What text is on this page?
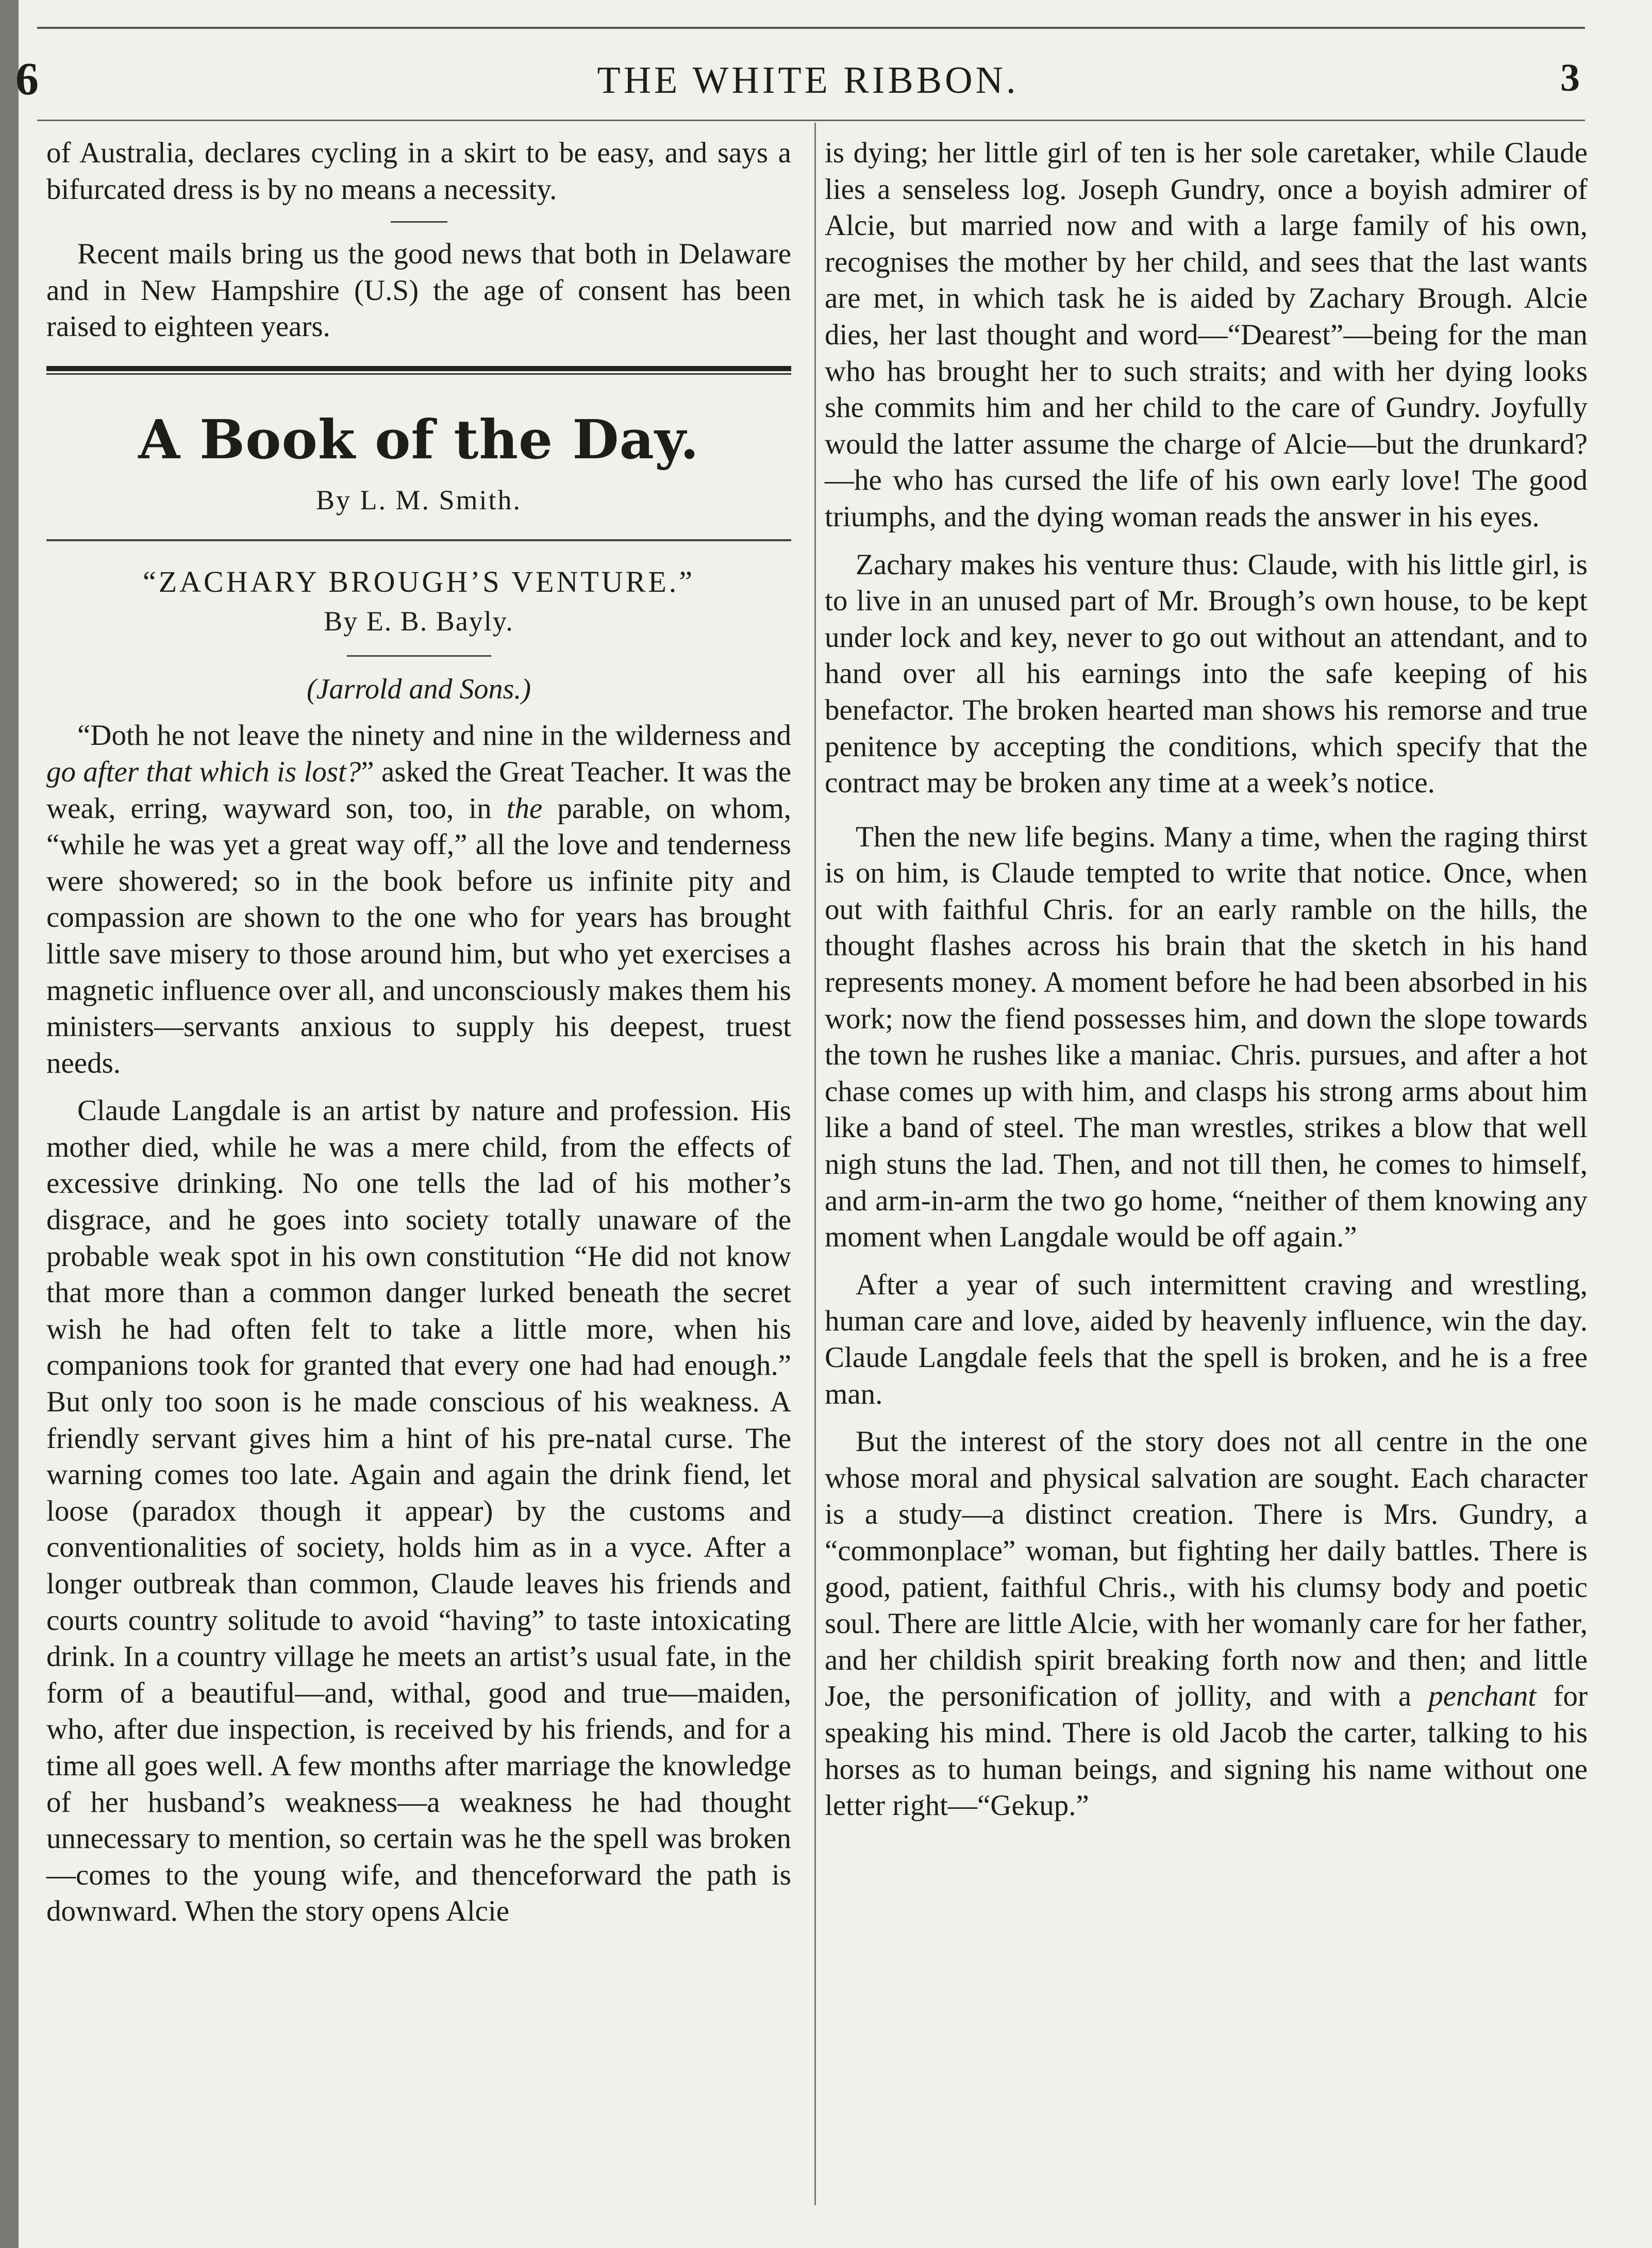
6	THE WHITE RIBBON.	3

of Australia, declares cycling in a skirt to be easy, and says a bifurcated dress is by no means a necessity.

Recent mails bring us the good news that both in Delaware and in New Hampshire (U.S) the age of consent has been raised to eighteen years.

A Book of the Day.

By L. M. Smith.

“ZACHARY BROUGH’S VENTURE.”

By E. B. Bayly.

(Jarrold and Sons.)

“Doth he not leave the ninety and nine in the wilderness and go after that which is lost?” asked the Great Teacher. It was the weak, erring, wayward son, too, in the parable, on whom, “while he was yet a great way off,” all the love and tenderness were showered; so in the book before us infinite pity and compassion are shown to the one who for years has brought little save misery to those around him, but who yet exercises a magnetic influence over all, and unconsciously makes them his ministers—servants anxious to supply his deepest, truest needs.

Claude Langdale is an artist by nature and profession. His mother died, while he was a mere child, from the effects of excessive drinking. No one tells the lad of his mother’s disgrace, and he goes into society totally unaware of the probable weak spot in his own constitution “He did not know that more than a common danger lurked beneath the secret wish he had often felt to take a little more, when his companions took for granted that every one had had enough.” But only too soon is he made conscious of his weakness. A friendly servant gives him a hint of his pre-natal curse. The warning comes too late. Again and again the drink fiend, let loose (paradox though it appear) by the customs and conventionalities of society, holds him as in a vyce. After a longer outbreak than common, Claude leaves his friends and courts country solitude to avoid “having” to taste intoxicating drink. In a country village he meets an artist’s usual fate, in the form of a beautiful—and, withal, good and true—maiden, who, after due inspection, is received by his friends, and for a time all goes well. A few months after marriage the knowledge of her husband’s weakness—a weakness he had thought unnecessary to mention, so certain was he the spell was broken—comes to the young wife, and thenceforward the path is downward. When the story opens Alcie

is dying; her little girl of ten is her sole caretaker, while Claude lies a senseless log. Joseph Gundry, once a boyish admirer of Alcie, but married now and with a large family of his own, recognises the mother by her child, and sees that the last wants are met, in which task he is aided by Zachary Brough. Alcie dies, her last thought and word—“Dearest”—being for the man who has brought her to such straits; and with her dying looks she commits him and her child to the care of Gundry. Joyfully would the latter assume the charge of Alcie—but the drunkard?—he who has cursed the life of his own early love! The good triumphs, and the dying woman reads the answer in his eyes.

Zachary makes his venture thus: Claude, with his little girl, is to live in an unused part of Mr. Brough’s own house, to be kept under lock and key, never to go out without an attendant, and to hand over all his earnings into the safe keeping of his benefactor. The broken hearted man shows his remorse and true penitence by accepting the conditions, which specify that the contract may be broken any time at a week’s notice.

Then the new life begins. Many a time, when the raging thirst is on him, is Claude tempted to write that notice. Once, when out with faithful Chris. for an early ramble on the hills, the thought flashes across his brain that the sketch in his hand represents money. A moment before he had been absorbed in his work; now the fiend possesses him, and down the slope towards the town he rushes like a maniac. Chris. pursues, and after a hot chase comes up with him, and clasps his strong arms about him like a band of steel. The man wrestles, strikes a blow that well nigh stuns the lad. Then, and not till then, he comes to himself, and arm-in-arm the two go home, “neither of them knowing any moment when Langdale would be off again.”

After a year of such intermittent craving and wrestling, human care and love, aided by heavenly influence, win the day. Claude Langdale feels that the spell is broken, and he is a free man.

But the interest of the story does not all centre in the one whose moral and physical salvation are sought. Each character is a study—a distinct creation. There is Mrs. Gundry, a “commonplace” woman, but fighting her daily battles. There is good, patient, faithful Chris., with his clumsy body and poetic soul. There are little Alcie, with her womanly care for her father, and her childish spirit breaking forth now and then; and little Joe, the personification of jollity, and with a penchant for speaking his mind. There is old Jacob the carter, talking to his horses as to human beings, and signing his name without one letter right—“Gekup.”
